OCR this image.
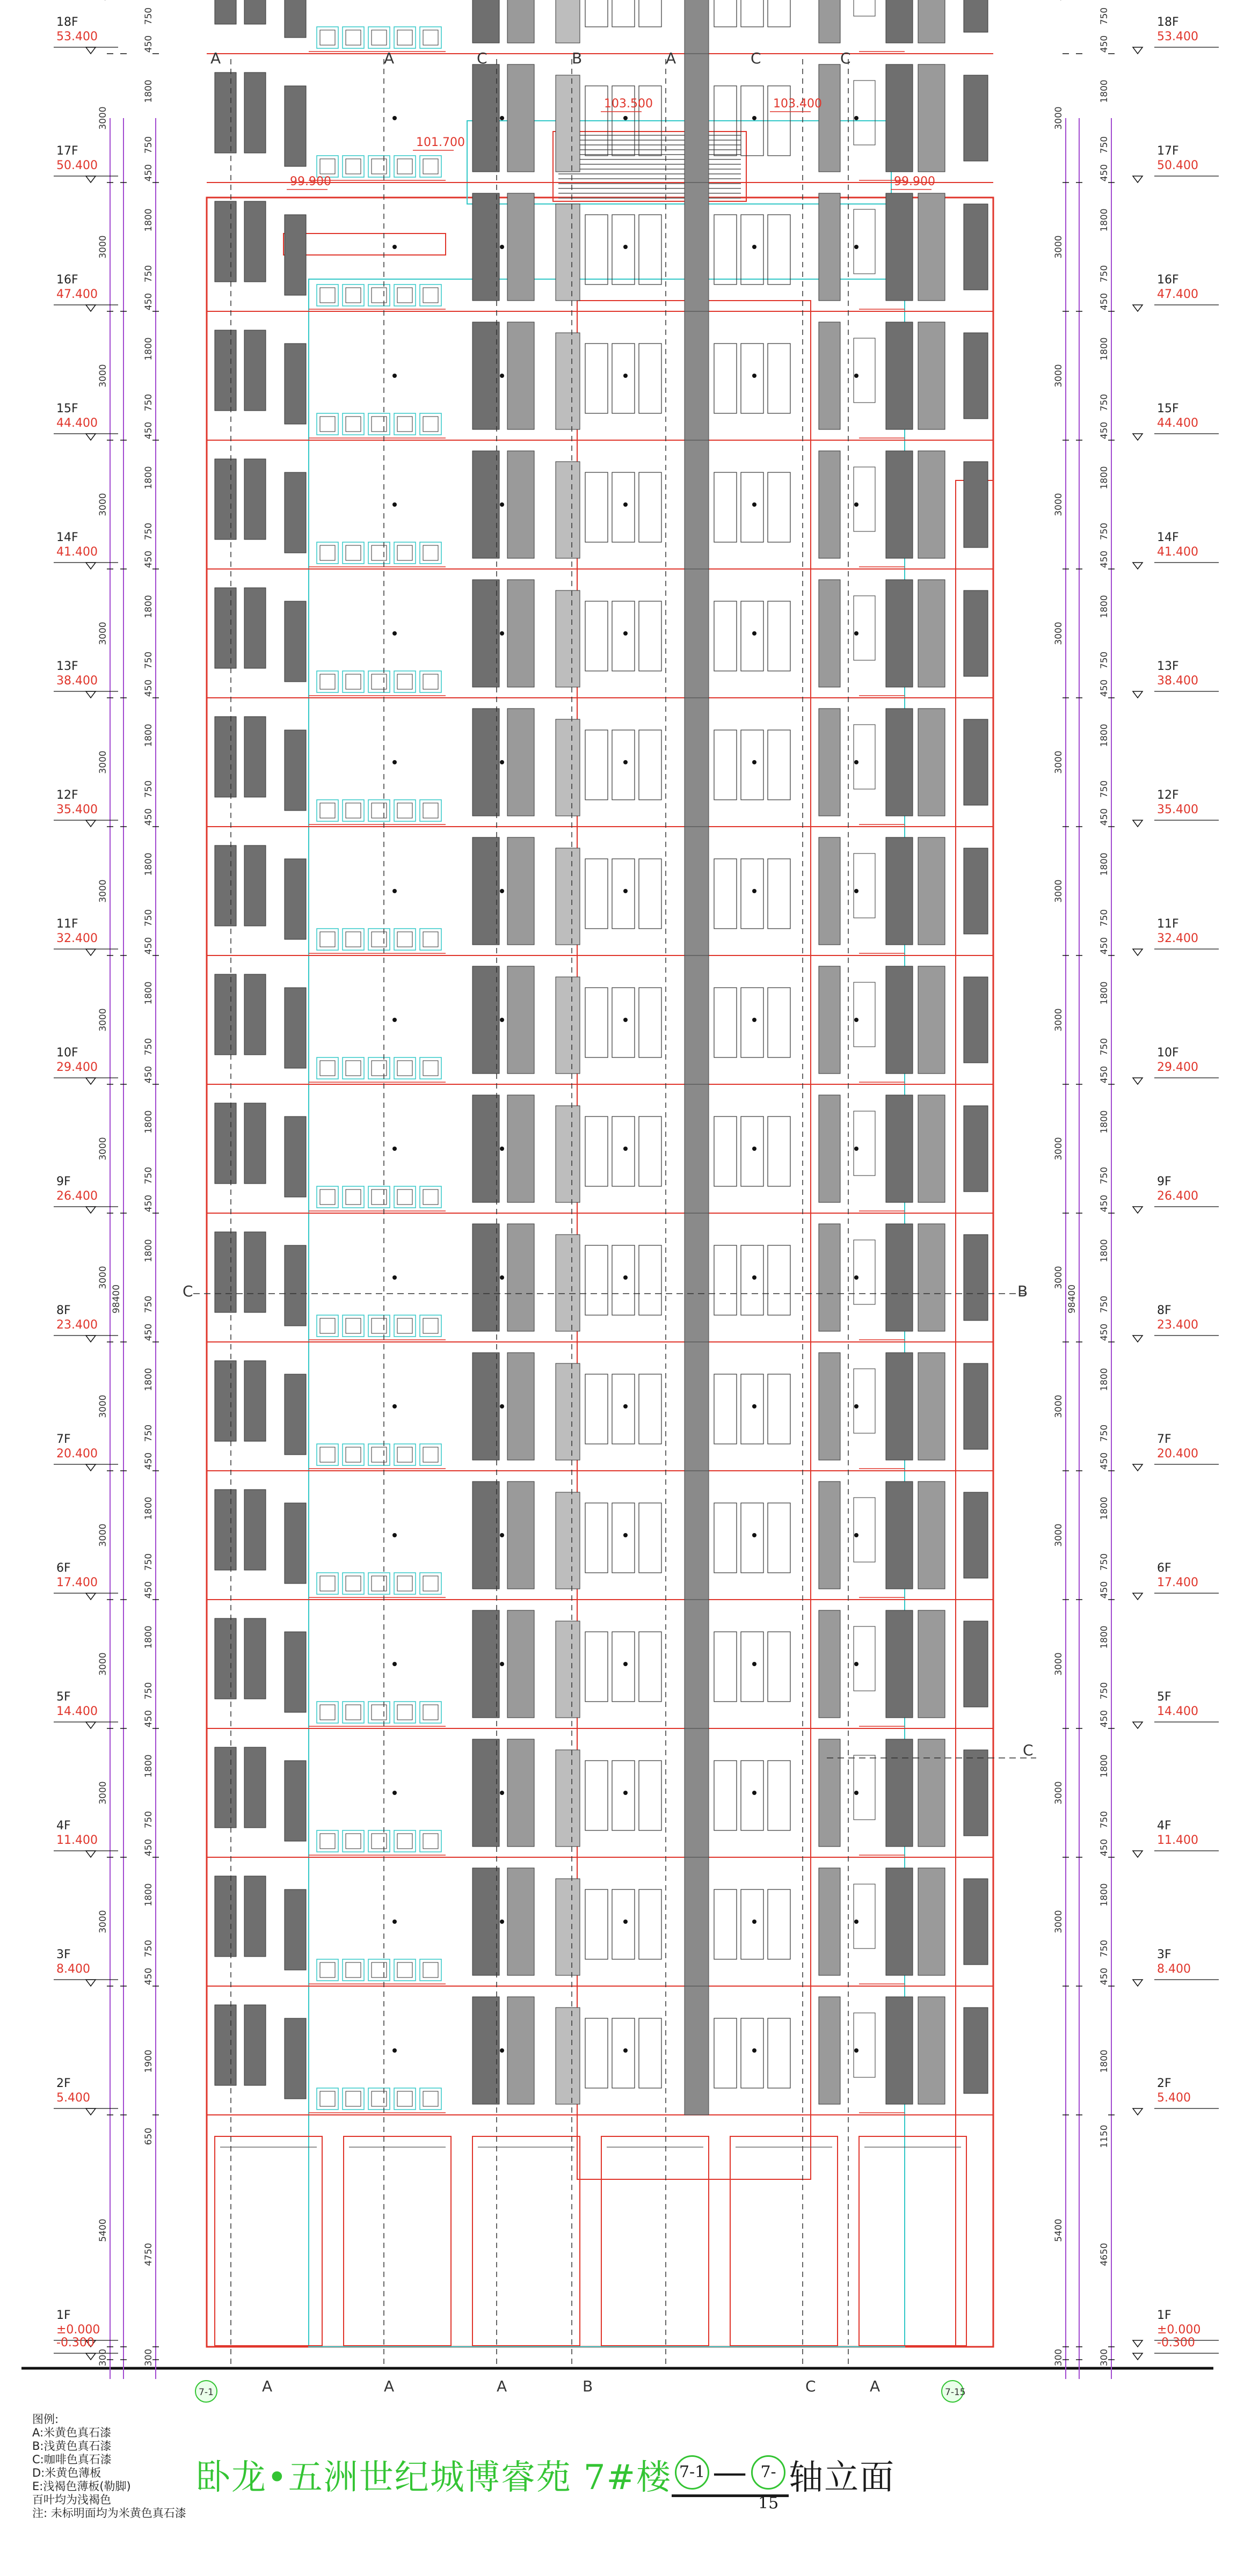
A	A	C	B	A	C	C
A	A	A	B	C	A
7-1	7-15
99.900
101.700
103.500	103.400
99.900
18F
53.400
17F
50.400
16F
47.400
15F
44.400
14F
41.400
13F
38.400
12F
35.400
11F
32.400
10F
29.400
9F
26.400
8F
23.400
7F
20.400
6F
17.400
5F
14.400
4F
11.400
3F
8.400
2F
5.400
1F
±0.000
-0.300
750
450
3000
1800
750
450
3000
1800
750
450
3000
1800
750
450
3000
1800
750
450
3000
1800
750
450
3000
1800
750
450
3000
1800
750
450
3000
1800
750
450
3000
1800
750
450
3000
1800
750
450
3000
1800
750
450
3000
1800
750
450
3000
1800
750
450
3000
1800
750
450
3000
1800
750
450
98400
5400
4750
650
1900
300	300
18F
53.400
17F
50.400
16F
47.400
15F
44.400
14F
41.400
13F
38.400
12F
35.400
11F
32.400
10F
29.400
9F
26.400
8F
23.400
7F
20.400
6F
17.400
5F
14.400
4F
11.400
3F
8.400
2F
5.400
1F
±0.000
-0.300
750
450
3000
1800
750
450
3000
1800
750
450
3000
1800
750
450
3000
1800
750
450
3000
1800
750
450
3000
1800
750
450
3000
1800
750
450
3000
1800
750
450
3000
1800
750
450
3000
1800
750
450
3000
1800
750
450
3000
1800
750
450
3000
1800
750
450
3000
1800
750
450
3000
1800
750
450
98400
5400
4650
1150
1800
300	300
C	B
C
图例:
A:米黄色真石漆
B:浅黄色真石漆
C:咖啡色真石漆
D:米黄色薄板
E:浅褐色薄板(勒脚)
百叶均为浅褐色
注: 未标明面均为米黄色真石漆
卧龙•五洲世纪城博睿苑 7#楼 7-1 — 7-15
轴立面
